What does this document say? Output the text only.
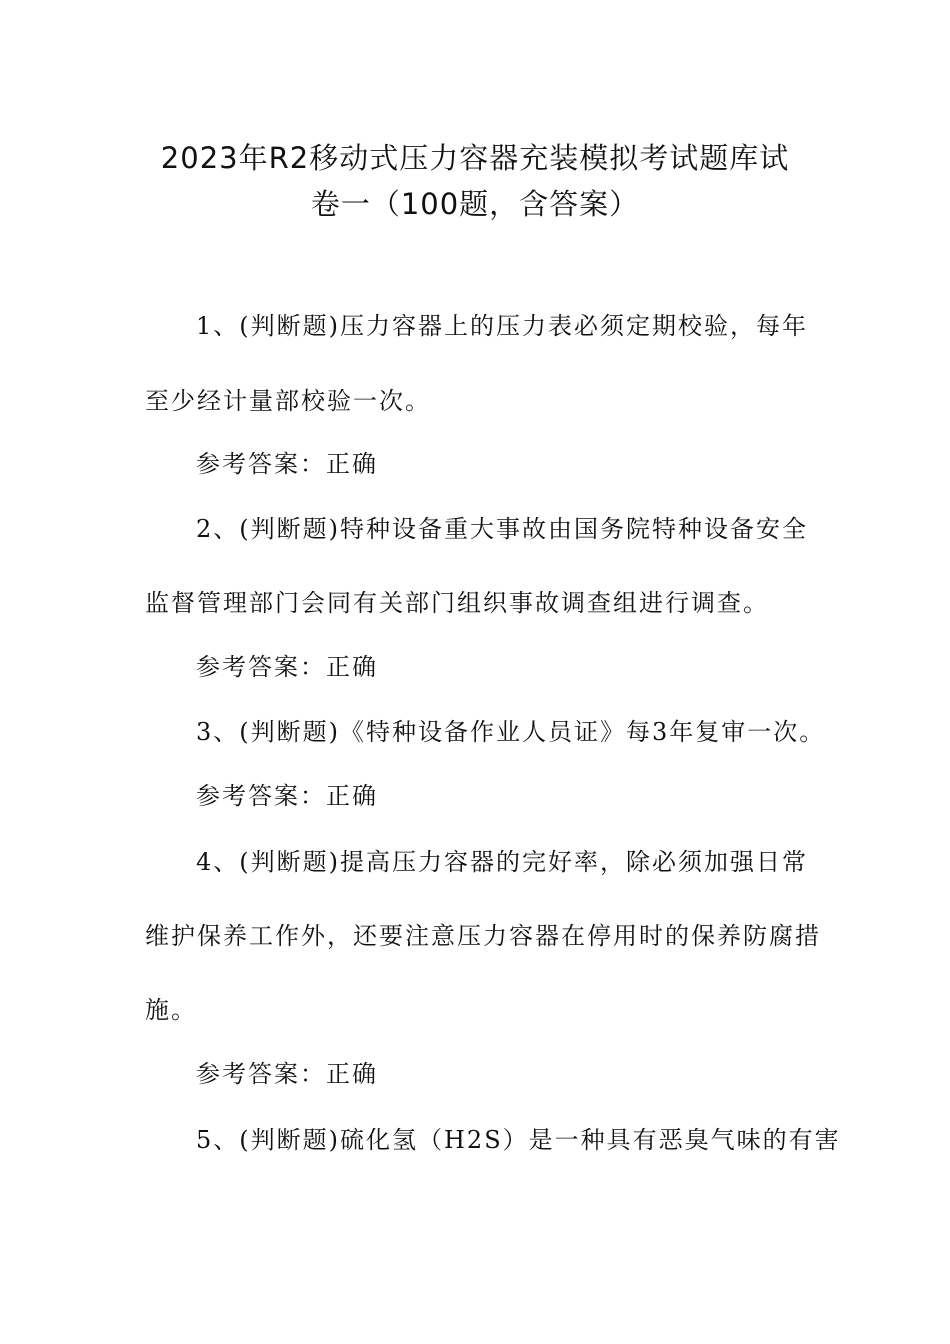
2023年R2移动式压力容器充装模拟考试题库试
卷一（100题，含答案）

1、(判断题)压力容器上的压力表必须定期校验，每年

至少经计量部校验一次。

参考答案：正确

2、(判断题)特种设备重大事故由国务院特种设备安全

监督管理部门会同有关部门组织事故调查组进行调查。

参考答案：正确

3、(判断题)《特种设备作业人员证》每3年复审一次。

参考答案：正确

4、(判断题)提高压力容器的完好率，除必须加强日常

维护保养工作外，还要注意压力容器在停用时的保养防腐措

施。

参考答案：正确

5、(判断题)硫化氢（H2S）是一种具有恶臭气味的有害
